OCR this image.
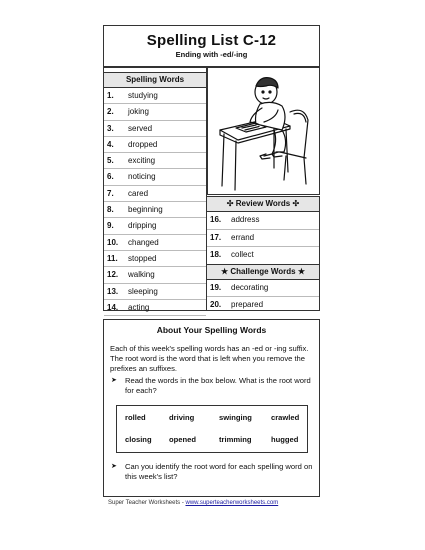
Spelling List C-12
Ending with -ed/-ing
Spelling Words
1. studying
2. joking
3. served
4. dropped
5. exciting
6. noticing
7. cared
8. beginning
9. dripping
10. changed
11. stopped
12. walking
13. sleeping
14. acting
✣ Review Words ✣
16. address
17. errand
18. collect
★ Challenge Words ★
19. decorating
20. prepared
About Your Spelling Words
Each of this week's spelling words has an -ed or -ing suffix. The root word is the word that is left when you remove the prefixes an suffixes.
➤ Read the words in the box below. What is the root word for each?
rolled	driving	swinging	crawled
closing opened	trimming	hugged
➤ Can you identify the root word for each spelling word on this week's list?
Super Teacher Worksheets - www.superteacherworksheets.com
